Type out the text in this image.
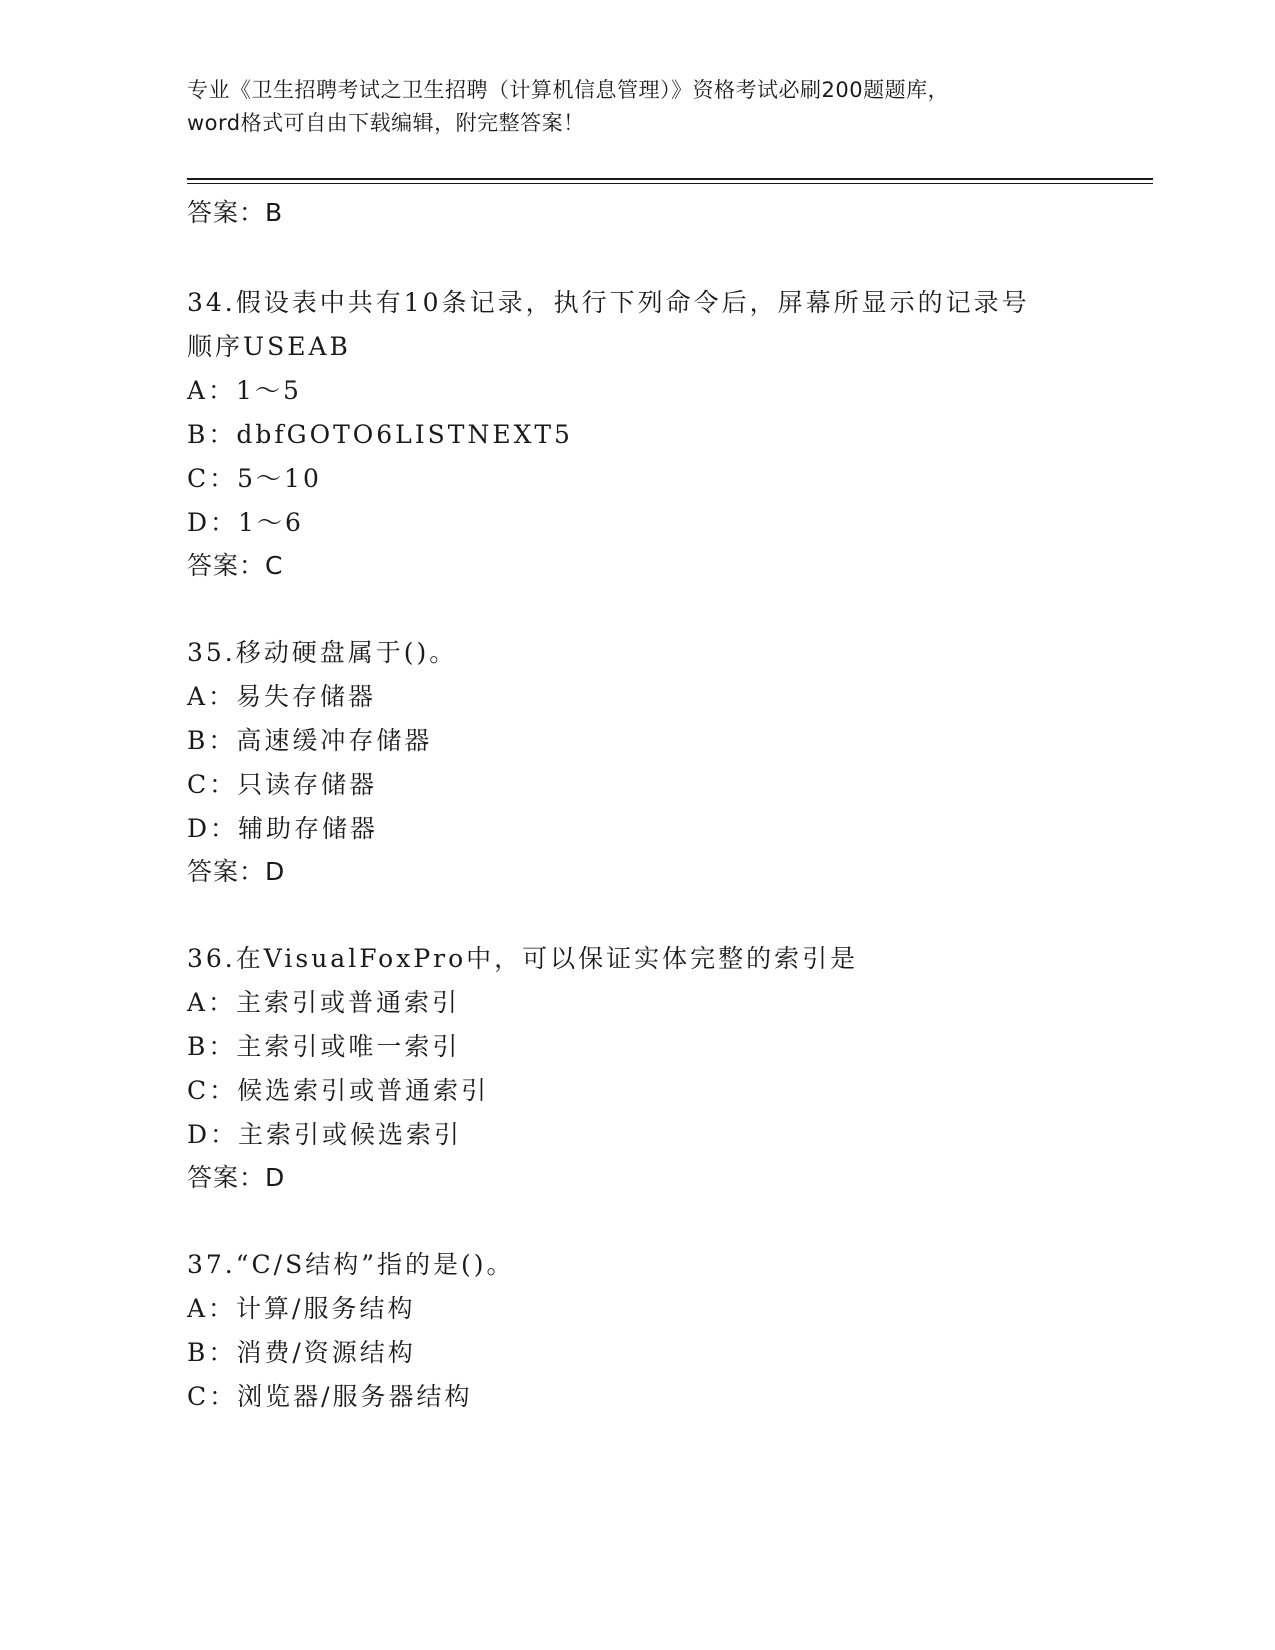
专业《卫生招聘考试之卫生招聘（计算机信息管理）》资格考试必刷200题题库，
word格式可自由下载编辑，附完整答案！
答案：B
34.假设表中共有10条记录，执行下列命令后，屏幕所显示的记录号
顺序USEAB
A：1～5
B：dbfGOTO6LISTNEXT5
C：5～10
D：1～6
答案：C
35.移动硬盘属于()。
A：易失存储器
B：高速缓冲存储器
C：只读存储器
D：辅助存储器
答案：D
36.在VisualFoxPro中，可以保证实体完整的索引是
A：主索引或普通索引
B：主索引或唯一索引
C：候选索引或普通索引
D：主索引或候选索引
答案：D
37.“C/S结构”指的是()。
A：计算/服务结构
B：消费/资源结构
C：浏览器/服务器结构
